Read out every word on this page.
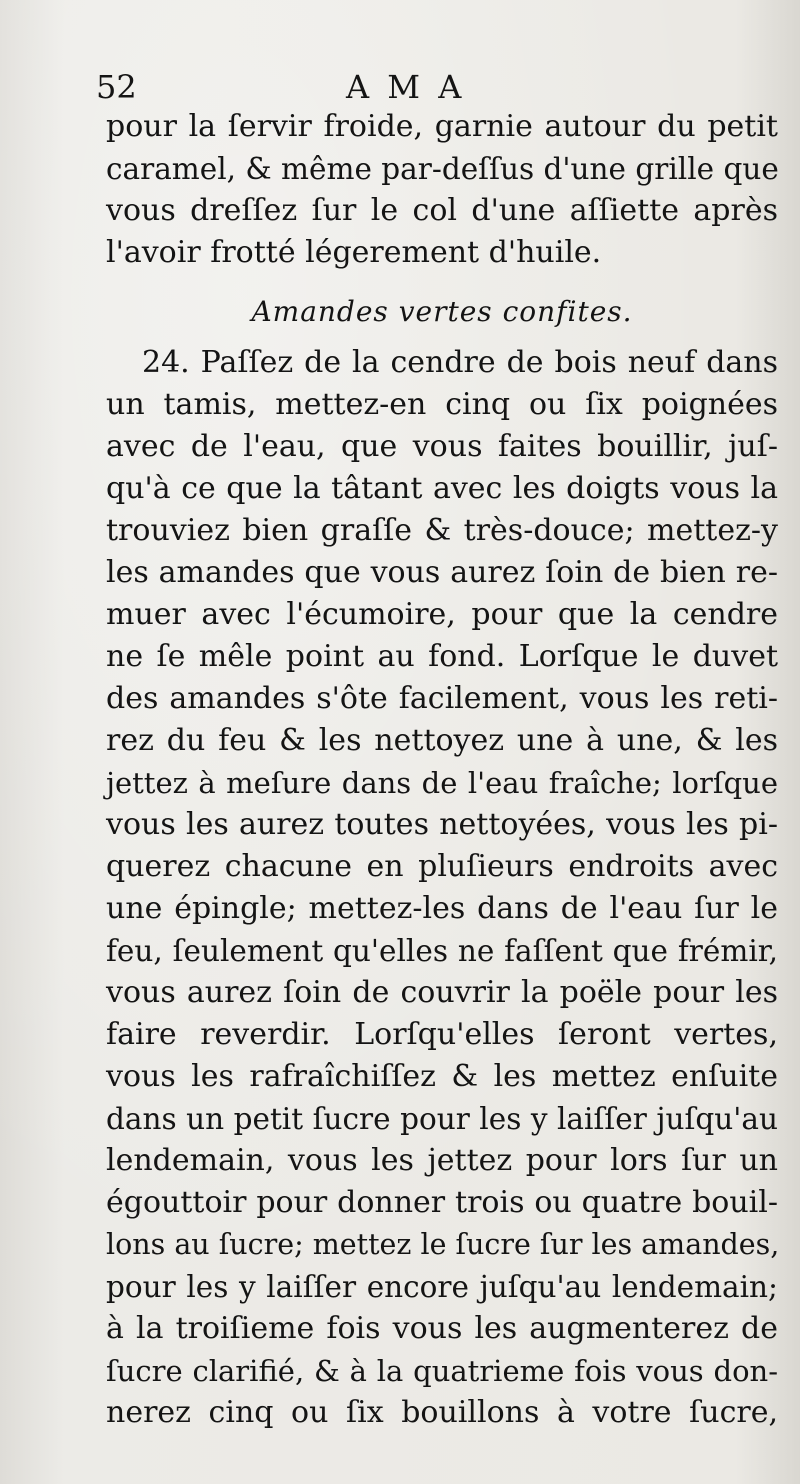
52	A M A
pour la ſervir froide, garnie autour du petit
caramel, & même par-deſſus d'une grille que
vous dreſſez ſur le col d'une aſſiette après
l'avoir frotté légerement d'huile.
Amandes vertes confites.
24. Paſſez de la cendre de bois neuf dans
un tamis, mettez-en cinq ou ſix poignées
avec de l'eau, que vous faites bouillir, juſ-
qu'à ce que la tâtant avec les doigts vous la
trouviez bien graſſe & très-douce; mettez-y
les amandes que vous aurez ſoin de bien re-
muer avec l'écumoire, pour que la cendre
ne ſe mêle point au fond. Lorſque le duvet
des amandes s'ôte facilement, vous les reti-
rez du feu & les nettoyez une à une, & les
jettez à meſure dans de l'eau fraîche; lorſque
vous les aurez toutes nettoyées, vous les pi-
querez chacune en pluſieurs endroits avec
une épingle; mettez-les dans de l'eau ſur le
feu, ſeulement qu'elles ne faſſent que frémir,
vous aurez ſoin de couvrir la poële pour les
faire reverdir. Lorſqu'elles ſeront vertes,
vous les rafraîchiſſez & les mettez enſuite
dans un petit ſucre pour les y laiſſer juſqu'au
lendemain, vous les jettez pour lors ſur un
égouttoir pour donner trois ou quatre bouil-
lons au ſucre; mettez le ſucre ſur les amandes,
pour les y laiſſer encore juſqu'au lendemain;
à la troiſieme fois vous les augmenterez de
ſucre clarifié, & à la quatrieme fois vous don-
nerez cinq ou ſix bouillons à votre ſucre,
